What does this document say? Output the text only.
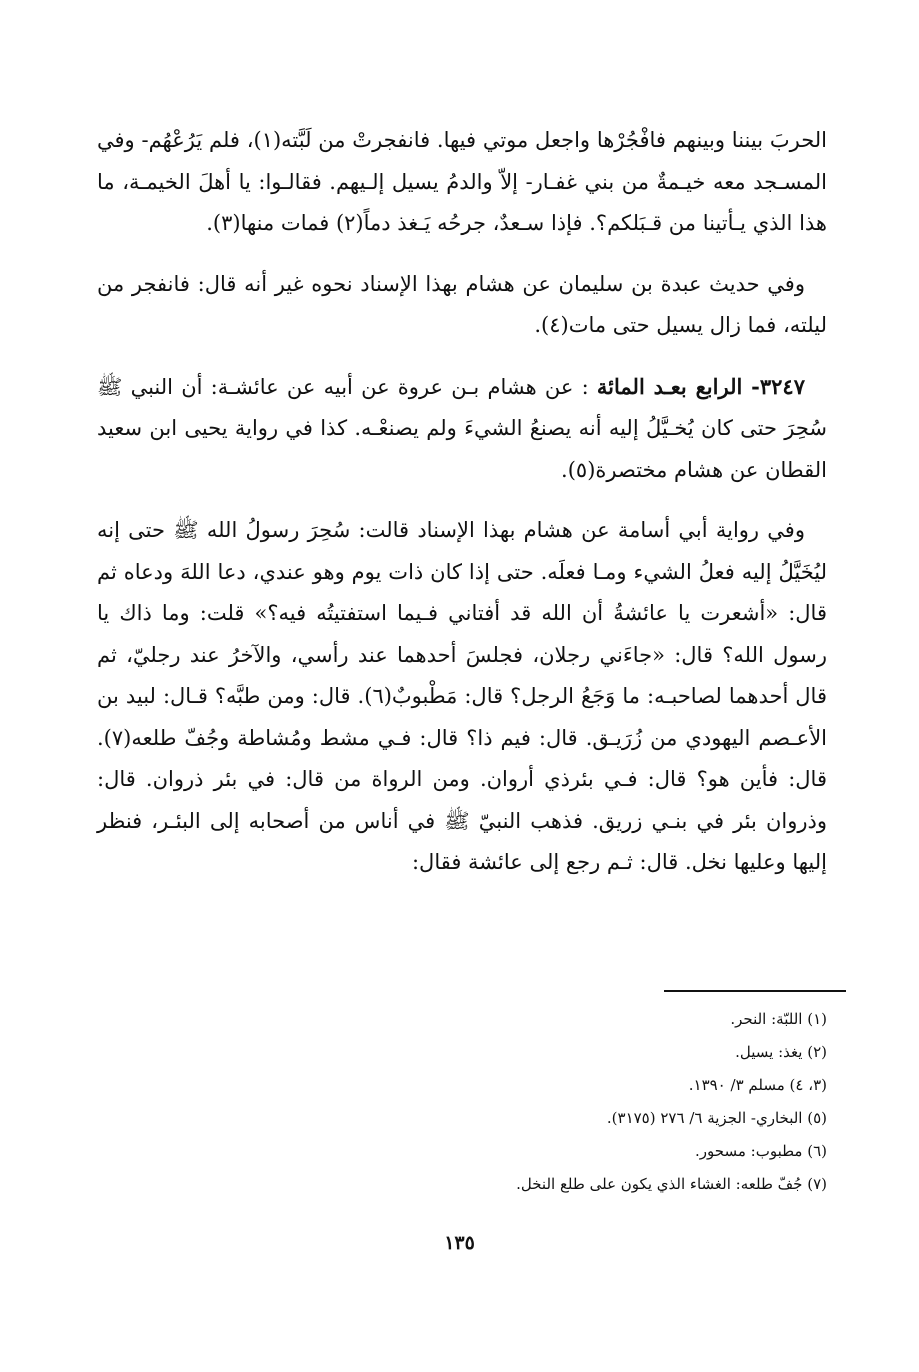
الحربَ بيننا وبينهم فافْجُرْها واجعل موتي فيها. فانفجرتْ من لَبَّته(١)، فلم يَرُعْهُم- وفي المسـجد معه خيـمةٌ من بني غفـار- إلاّ والدمُ يسيل إلـيهم. فقالـوا: يا أهلَ الخيمـة، ما هذا الذي يـأتينا من قـبَلكم؟. فإذا سـعدٌ، جرحُه يَـغذ دماً(٢) فمات منها(٣).

وفي حديث عبدة بن سليمان عن هشام بهذا الإسناد نحوه غير أنه قال: فانفجر من ليلته، فما زال يسيل حتى مات(٤).

٣٢٤٧- الرابع بعـد المائة : عن هشام بـن عروة عن أبيه عن عائشـة: أن النبي ﷺ سُحِرَ حتى كان يُخـيَّلُ إليه أنه يصنعُ الشيءَ ولم يصنعْـه. كذا في رواية يحيى ابن سعيد القطان عن هشام مختصرة(٥).

وفي رواية أبي أسامة عن هشام بهذا الإسناد قالت: سُحِرَ رسولُ الله ﷺ حتى إنه ليُخَيَّلُ إليه فعلُ الشيء ومـا فعلَه. حتى إذا كان ذات يوم وهو عندي، دعا اللهَ ودعاه ثم قال: «أشعرت يا عائشةُ أن الله قد أفتاني فـيما استفتيتُه فيه؟» قلت: وما ذاك يا رسول الله؟ قال: «جاءَني رجلان، فجلسَ أحدهما عند رأسي، والآخرُ عند رجليّ، ثم قال أحدهما لصاحبـه: ما وَجَعُ الرجل؟ قال: مَطْبوبٌ(٦). قال: ومن طبَّه؟ قـال: لبيد بن الأعـصم اليهودي من زُرَيـق. قال: فيم ذا؟ قال: فـي مشط ومُشاطة وجُفّ طلعه(٧). قال: فأين هو؟ قال: فـي بئرذي أروان. ومن الرواة من قال: في بئر ذروان. قال: وذروان بئر في بنـي زريق. فذهب النبيّ ﷺ في أناس من أصحابه إلى البئـر، فنظر إليها وعليها نخل. قال: ثـم رجع إلى عائشة فقال:

(١) اللبّة: النحر.
(٢) يغذ: يسيل.
(٣، ٤) مسلم ٣/ ١٣٩٠.
(٥) البخاري- الجزية ٦/ ٢٧٦ (٣١٧٥).
(٦) مطبوب: مسحور.
(٧) جُفّ طلعه: الغشاء الذي يكون على طلع النخل.
١٣٥
